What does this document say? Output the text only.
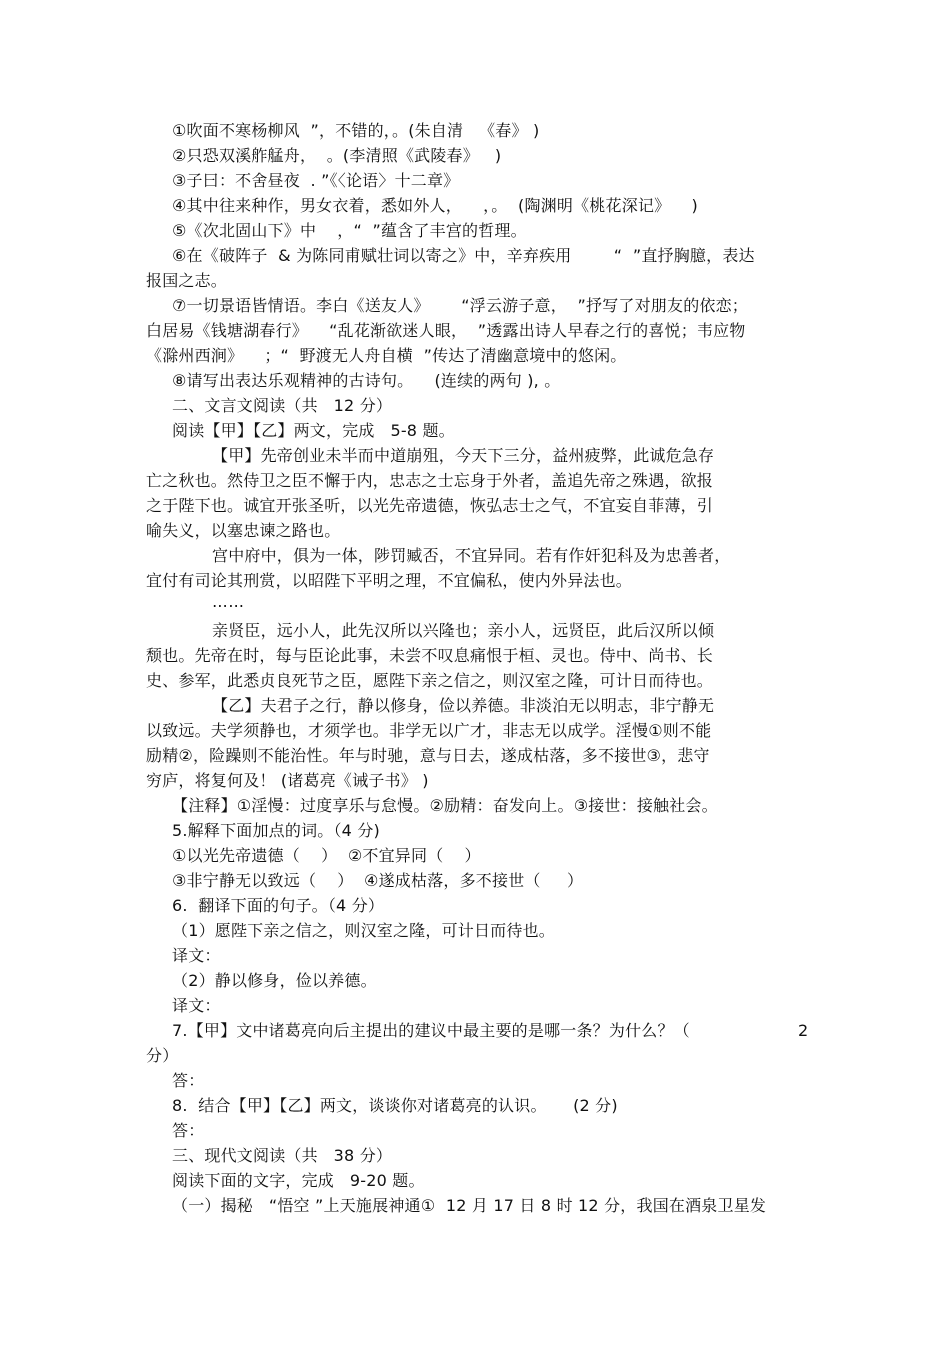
①吹面不寒杨柳风  ”，不错的，。(朱自清   《春》 )
②只恐双溪舴艋舟，  。(李清照《武陵春》   )
③子曰：不舍昼夜  . ”《〈论语〉十二章》
④其中往来种作，男女衣着，悉如外人，    ，。  (陶渊明《桃花深记》    )
⑤《次北固山下》中    ，“  ”蕴含了丰宫的哲理。
⑥在《破阵子  & 为陈同甫赋壮词以寄之》中，辛弃疾用        “  ”直抒胸臆，表达
报国之志。
⑦一切景语皆情语。李白《送友人》      “浮云游子意，  ”抒写了对朋友的依恋；
白居易《钱塘湖春行》    “乱花渐欲迷人眼，  ”透露出诗人早春之行的喜悦；韦应物
《滁州西涧》    ；“  野渡无人舟自横  ”传达了清幽意境中的悠闲。
⑧请写出表达乐观精神的古诗句。    (连续的两句 ), 。
二、文言文阅读（共   12 分）
阅读【甲】【乙】两文，完成   5-8 题。
【甲】先帝创业未半而中道崩殂，今天下三分，益州疲弊，此诚危急存
亡之秋也。然侍卫之臣不懈于内，忠志之士忘身于外者，盖追先帝之殊遇，欲报
之于陛下也。诚宜开张圣听，以光先帝遗德，恢弘志士之气，不宜妄自菲薄，引
喻失义，以塞忠谏之路也。
宫中府中，俱为一体，陟罚臧否，不宜异同。若有作奸犯科及为忠善者，
宜付有司论其刑赏，以昭陛下平明之理，不宜偏私，使内外异法也。
⋯⋯
亲贤臣，远小人，此先汉所以兴隆也；亲小人，远贤臣，此后汉所以倾
颓也。先帝在时，每与臣论此事，未尝不叹息痛恨于桓、灵也。侍中、尚书、长
史、参军，此悉贞良死节之臣，愿陛下亲之信之，则汉室之隆，可计日而待也。
【乙】夫君子之行，静以修身，俭以养德。非淡泊无以明志，非宁静无
以致远。夫学须静也，才须学也。非学无以广才，非志无以成学。淫慢①则不能
励精②，险躁则不能治性。年与时驰，意与日去，遂成枯落，多不接世③，悲守
穷庐，将复何及！ (诸葛亮《诫子书》 )
【注释】①淫慢：过度享乐与怠慢。②励精：奋发向上。③接世：接触社会。
5.解释下面加点的词。（4 分)
①以光先帝遗德（    ）  ②不宜异同（    ）
③非宁静无以致远（    ）  ④遂成枯落，多不接世（     ）
6.  翻译下面的句子。（4 分）
（1）愿陛下亲之信之，则汉室之隆，可计日而待也。
译文：
（2）静以修身，俭以养德。
译文：
7.【甲】文中诸葛亮向后主提出的建议中最主要的是哪一条？为什么？（	2
分）
答：
8.  结合【甲】【乙】两文，谈谈你对诸葛亮的认识。     (2 分)
答：
三、现代文阅读（共   38 分）
阅读下面的文字，完成   9-20 题。
（一）揭秘   “悟空 ”上天施展神通①  12 月 17 日 8 时 12 分，我国在酒泉卫星发
